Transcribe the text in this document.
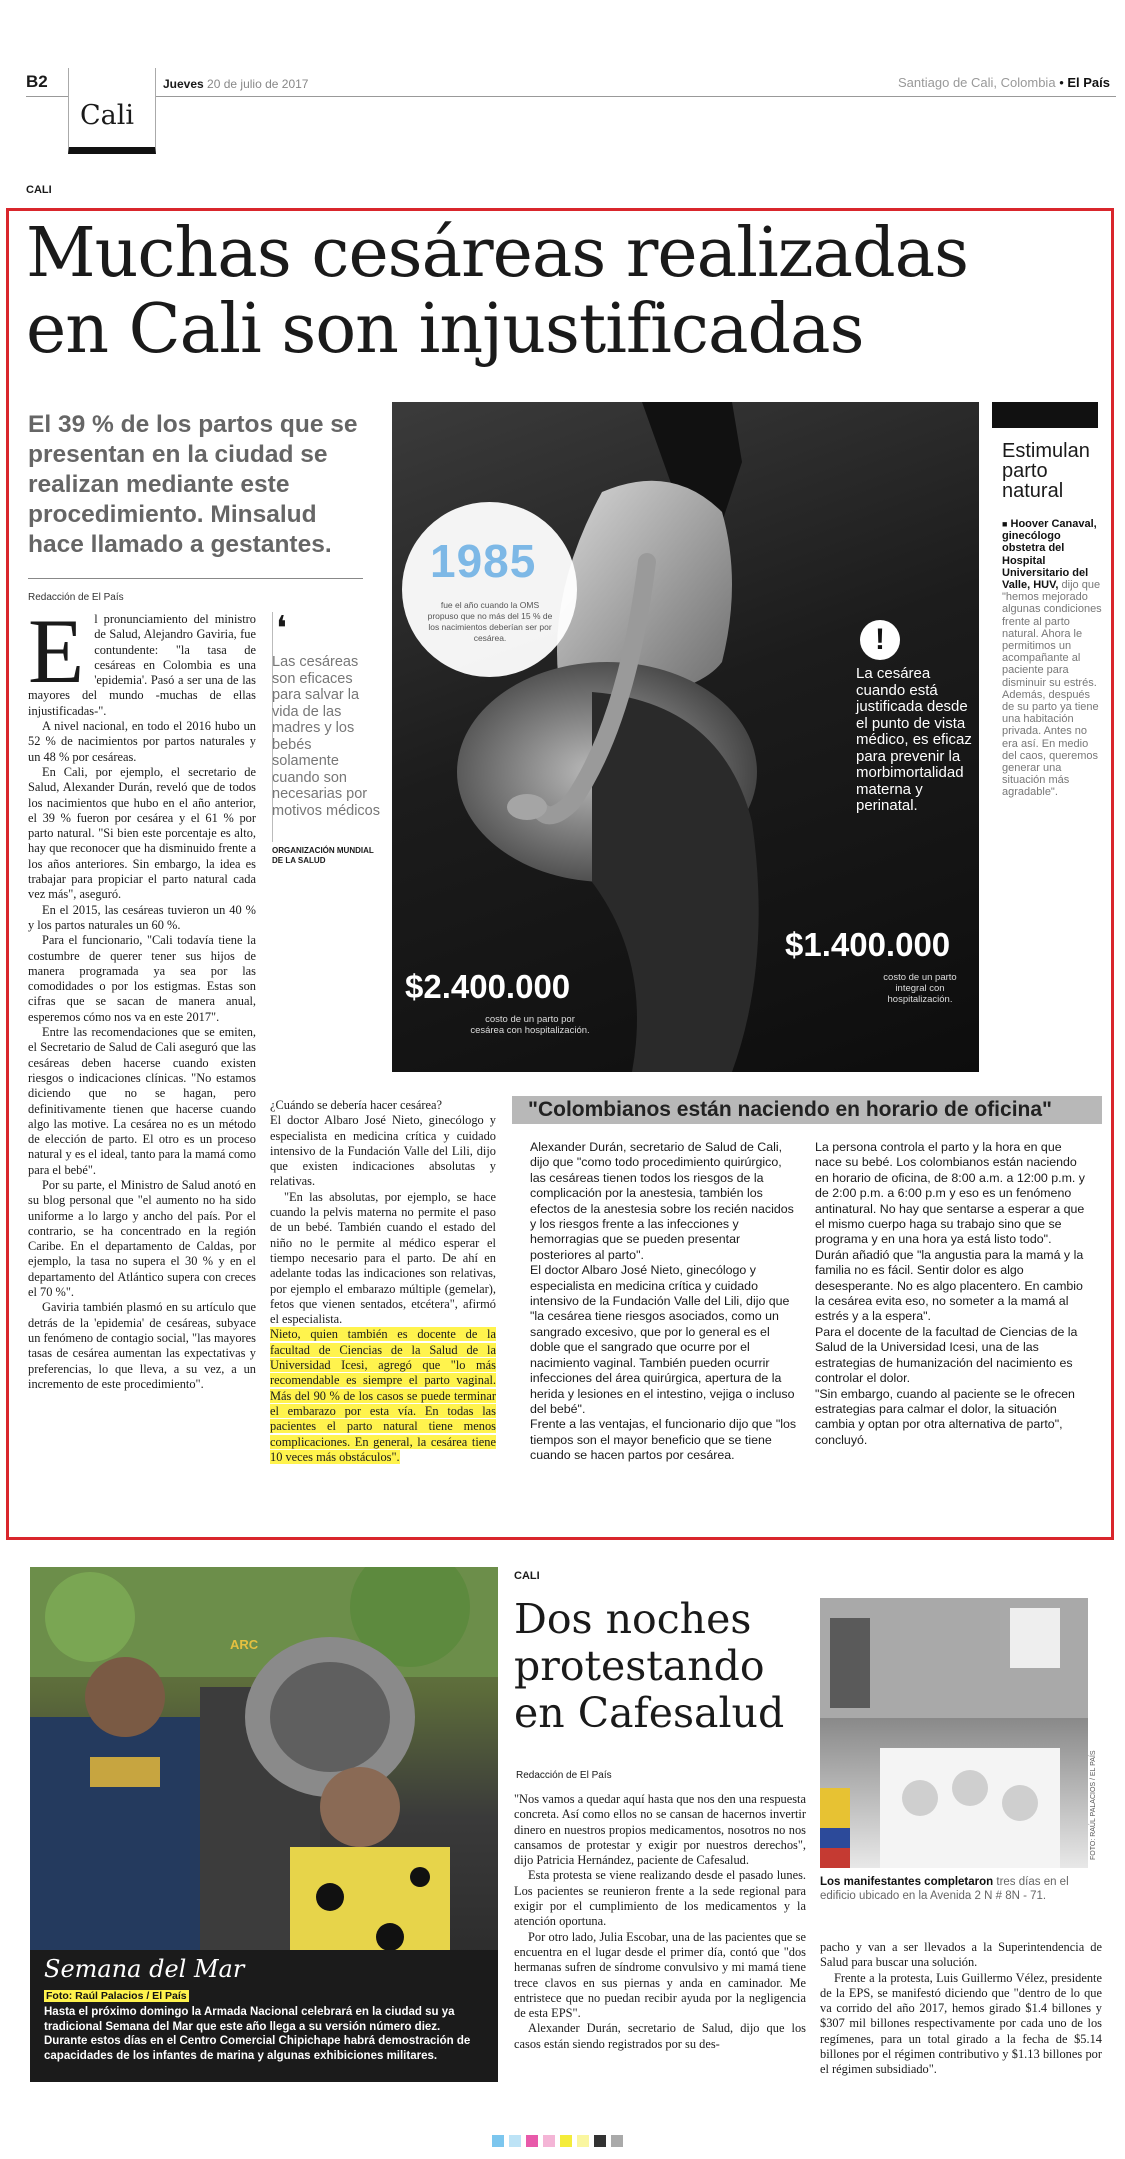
B2
Cali
Jueves 20 de julio de 2017	Santiago de Cali, Colombia • El País
CALI
Muchas cesáreas realizadas
en Cali son injustificadas
El 39 % de los partos que se presentan en la ciudad se realizan mediante este procedimiento. Minsalud hace llamado a gestantes.
Redacción de El País
E l pronunciamiento del ministro de Salud, Alejandro Gaviria, fue contundente: "la tasa de cesáreas en Colombia es una 'epidemia'. Pasó a ser una de las mayores del mundo -muchas de ellas injustificadas-".

A nivel nacional, en todo el 2016 hubo un 52 % de nacimientos por partos naturales y un 48 % por cesáreas.

En Cali, por ejemplo, el secretario de Salud, Alexander Durán, reveló que de todos los nacimientos que hubo en el año anterior, el 39 % fueron por cesárea y el 61 % por parto natural. "Si bien este porcentaje es alto, hay que reconocer que ha disminuido frente a los años anteriores. Sin embargo, la idea es trabajar para propiciar el parto natural cada vez más", aseguró.

En el 2015, las cesáreas tuvieron un 40 % y los partos naturales un 60 %.

Para el funcionario, "Cali todavía tiene la costumbre de querer tener sus hijos de manera programada ya sea por las comodidades o por los estigmas. Estas son cifras que se sacan de manera anual, esperemos cómo nos va en este 2017".

Entre las recomendaciones que se emiten, el Secretario de Salud de Cali aseguró que las cesáreas deben hacerse cuando existen riesgos o indicaciones clínicas. "No estamos diciendo que no se hagan, pero definitivamente tienen que hacerse cuando algo las motive. La cesárea no es un método de elección de parto. El otro es un proceso natural y es el ideal, tanto para la mamá como para el bebé".

Por su parte, el Ministro de Salud anotó en su blog personal que "el aumento no ha sido uniforme a lo largo y ancho del país. Por el contrario, se ha concentrado en la región Caribe. En el departamento de Caldas, por ejemplo, la tasa no supera el 30 % y en el departamento del Atlántico supera con creces el 70 %".

Gaviria también plasmó en su artículo que detrás de la 'epidemia' de cesáreas, subyace un fenómeno de contagio social, "las mayores tasas de cesárea aumentan las expectativas y preferencias, lo que lleva, a su vez, a un incremento de este procedimiento".

❛
Las cesáreas son eficaces para salvar la vida de las madres y los bebés solamente cuando son necesarias por motivos médicos
ORGANIZACIÓN MUNDIAL DE LA SALUD

¿Cuándo se debería hacer cesárea?

El doctor Albaro José Nieto, ginecólogo y especialista en medicina crítica y cuidado intensivo de la Fundación Valle del Lili, dijo que existen indicaciones absolutas y relativas.

"En las absolutas, por ejemplo, se hace cuando la pelvis materna no permite el paso de un bebé. También cuando el estado del niño no le permite al médico esperar el tiempo necesario para el parto. De ahí en adelante todas las indicaciones son relativas, por ejemplo el embarazo múltiple (gemelar), fetos que vienen sentados, etcétera", afirmó el especialista.

Nieto, quien también es docente de la facultad de Ciencias de la Salud de la Universidad Icesi, agregó que "lo más recomendable es siempre el parto vaginal. Más del 90 % de los casos se puede terminar el embarazo por esta vía. En todas las pacientes el parto natural tiene menos complicaciones. En general, la cesárea tiene 10 veces más obstáculos".

1985
fue el año cuando la OMS propuso que no más del 15 % de los nacimientos deberían ser por cesárea.	!
La cesárea cuando está justificada desde el punto de vista médico, es eficaz para prevenir la morbimortalidad materna y perinatal.
$2.400.000
costo de un parto por cesárea con hospitalización.
$1.400.000
costo de un parto integral con hospitalización.
Estimulan parto natural
■ Hoover Canaval, ginecólogo obstetra del Hospital Universitario del Valle, HUV, dijo que "hemos mejorado algunas condiciones frente al parto natural. Ahora le permitimos un acompañante al paciente para disminuir su estrés. Además, después de su parto ya tiene una habitación privada. Antes no era así. En medio del caos, queremos generar una situación más agradable".
"Colombianos están naciendo en horario de oficina"
Alexander Durán, secretario de Salud de Cali, dijo que "como todo procedimiento quirúrgico, las cesáreas tienen todos los riesgos de la complicación por la anestesia, también los efectos de la anestesia sobre los recién nacidos y los riesgos frente a las infecciones y hemorragias que se pueden presentar posteriores al parto".
El doctor Albaro José Nieto, ginecólogo y especialista en medicina crítica y cuidado intensivo de la Fundación Valle del Lili, dijo que "la cesárea tiene riesgos asociados, como un sangrado excesivo, que por lo general es el doble que el sangrado que ocurre por el nacimiento vaginal. También pueden ocurrir infecciones del área quirúrgica, apertura de la herida y lesiones en el intestino, vejiga o incluso del bebé".
Frente a las ventajas, el funcionario dijo que "los tiempos son el mayor beneficio que se tiene cuando se hacen partos por cesárea.
La persona controla el parto y la hora en que nace su bebé. Los colombianos están naciendo en horario de oficina, de 8:00 a.m. a 12:00 p.m. y de 2:00 p.m. a 6:00 p.m y eso es un fenómeno antinatural. No hay que sentarse a esperar a que el mismo cuerpo haga su trabajo sino que se programa y en una hora ya está listo todo".
Durán añadió que "la angustia para la mamá y la familia no es fácil. Sentir dolor es algo desesperante. No es algo placentero. En cambio la cesárea evita eso, no someter a la mamá al estrés y a la espera".
Para el docente de la facultad de Ciencias de la Salud de la Universidad Icesi, una de las estrategias de humanización del nacimiento es controlar el dolor.
"Sin embargo, cuando al paciente se le ofrecen estrategias para calmar el dolor, la situación cambia y optan por otra alternativa de parto", concluyó.
ARC
Semana del Mar
Foto: Raúl Palacios / El País
Hasta el próximo domingo la Armada Nacional celebrará en la ciudad su ya tradicional Semana del Mar que este año llega a su versión número diez. Durante estos días en el Centro Comercial Chipichape habrá demostración de capacidades de los infantes de marina y algunas exhibiciones militares.
CALI
Dos noches protestando en Cafesalud
Redacción de El País

"Nos vamos a quedar aquí hasta que nos den una respuesta concreta. Así como ellos no se cansan de hacernos invertir dinero en nuestros propios medicamentos, nosotros no nos cansamos de protestar y exigir por nuestros derechos", dijo Patricia Hernández, paciente de Cafesalud.

Esta protesta se viene realizando desde el pasado lunes. Los pacientes se reunieron frente a la sede regional para exigir por el cumplimiento de los medicamentos y la atención oportuna.

Por otro lado, Julia Escobar, una de las pacientes que se encuentra en el lugar desde el primer día, contó que "dos hermanas sufren de síndrome convulsivo y mi mamá tiene trece clavos en sus piernas y anda en caminador. Me entristece que no puedan recibir ayuda por la negligencia de esta EPS".

Alexander Durán, secretario de Salud, dijo que los casos están siendo registrados por su des-

FOTO: RAÚL PALACIOS / EL PAÍS
Los manifestantes completaron tres días en el edificio ubicado en la Avenida 2 N # 8N - 71.

pacho y van a ser llevados a la Superintendencia de Salud para buscar una solución.

Frente a la protesta, Luis Guillermo Vélez, presidente de la EPS, se manifestó diciendo que "dentro de lo que va corrido del año 2017, hemos girado $1.4 billones y $307 mil billones respectivamente por cada uno de los regímenes, para un total girado a la fecha de $5.14 billones por el régimen contributivo y $1.13 billones por el régimen subsidiado".
